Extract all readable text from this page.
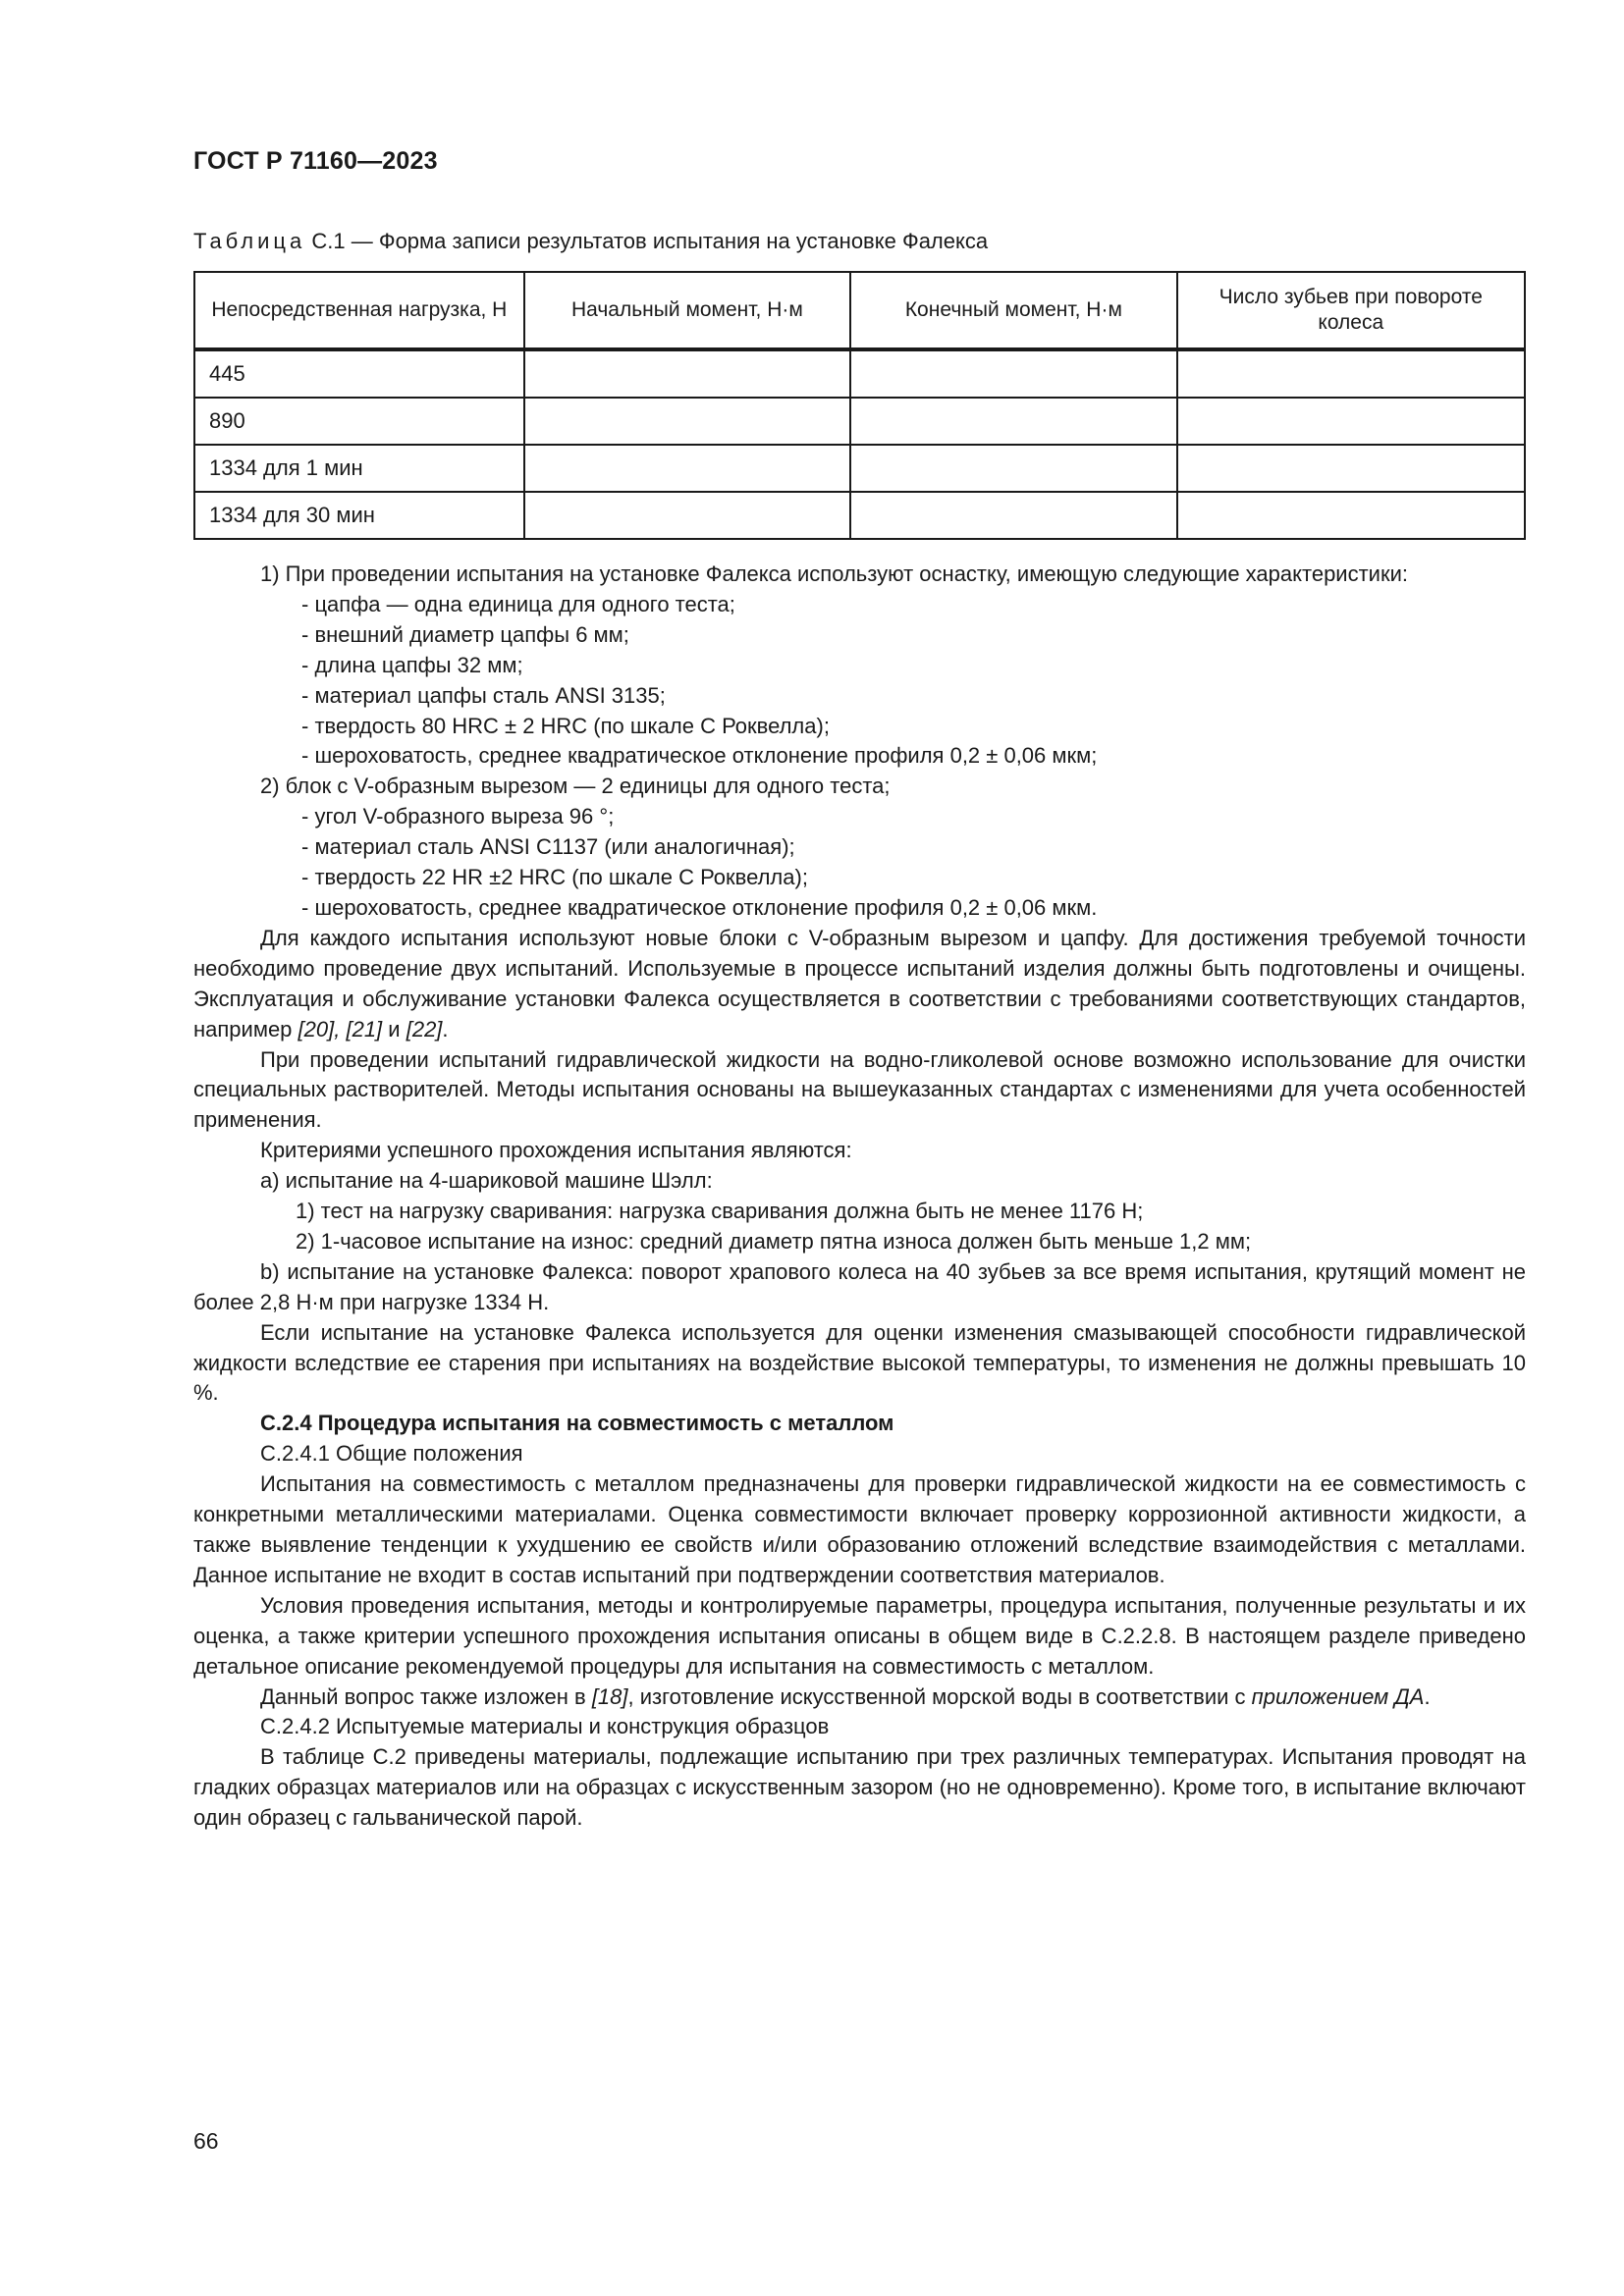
ГОСТ Р 71160—2023
Таблица С.1 — Форма записи результатов испытания на установке Фалекса
Непосредственная нагрузка, Н	Начальный момент, Н·м	Конечный момент, Н·м	Число зубьев при повороте колеса
445			
890			
1334 для 1 мин			
1334 для 30 мин			

1) При проведении испытания на установке Фалекса используют оснастку, имеющую следующие характеристики:

- цапфа — одна единица для одного теста;

- внешний диаметр цапфы 6 мм;

- длина цапфы 32 мм;

- материал цапфы сталь ANSI 3135;

- твердость 80 HRC ± 2 HRC (по шкале С Роквелла);

- шероховатость, среднее квадратическое отклонение профиля 0,2 ± 0,06 мкм;

2) блок с V-образным вырезом — 2 единицы для одного теста;

- угол V-образного выреза 96 °;

- материал сталь ANSI C1137 (или аналогичная);

- твердость 22 HR ±2 HRC (по шкале С Роквелла);

- шероховатость, среднее квадратическое отклонение профиля 0,2 ± 0,06 мкм.

Для каждого испытания используют новые блоки с V-образным вырезом и цапфу. Для достижения требуемой точности необходимо проведение двух испытаний. Используемые в процессе испытаний изделия должны быть подготовлены и очищены. Эксплуатация и обслуживание установки Фалекса осуществляется в соответствии с требованиями соответствующих стандартов, например [20], [21] и [22].

При проведении испытаний гидравлической жидкости на водно-гликолевой основе возможно использование для очистки специальных растворителей. Методы испытания основаны на вышеуказанных стандартах с изменениями для учета особенностей применения.

Критериями успешного прохождения испытания являются:

а) испытание на 4-шариковой машине Шэлл:

1) тест на нагрузку сваривания: нагрузка сваривания должна быть не менее 1176 Н;

2) 1-часовое испытание на износ: средний диаметр пятна износа должен быть меньше 1,2 мм;

b) испытание на установке Фалекса: поворот храпового колеса на 40 зубьев за все время испытания, крутящий момент не более 2,8 Н·м при нагрузке 1334 Н.

Если испытание на установке Фалекса используется для оценки изменения смазывающей способности гидравлической жидкости вследствие ее старения при испытаниях на воздействие высокой температуры, то изменения не должны превышать 10 %.

С.2.4 Процедура испытания на совместимость с металлом

С.2.4.1 Общие положения

Испытания на совместимость с металлом предназначены для проверки гидравлической жидкости на ее совместимость с конкретными металлическими материалами. Оценка совместимости включает проверку коррозионной активности жидкости, а также выявление тенденции к ухудшению ее свойств и/или образованию отложений вследствие взаимодействия с металлами. Данное испытание не входит в состав испытаний при подтверждении соответствия материалов.

Условия проведения испытания, методы и контролируемые параметры, процедура испытания, полученные результаты и их оценка, а также критерии успешного прохождения испытания описаны в общем виде в С.2.2.8. В настоящем разделе приведено детальное описание рекомендуемой процедуры для испытания на совместимость с металлом.

Данный вопрос также изложен в [18], изготовление искусственной морской воды в соответствии с приложением ДА.

С.2.4.2 Испытуемые материалы и конструкция образцов

В таблице С.2 приведены материалы, подлежащие испытанию при трех различных температурах. Испытания проводят на гладких образцах материалов или на образцах с искусственным зазором (но не одновременно). Кроме того, в испытание включают один образец с гальванической парой.

66
